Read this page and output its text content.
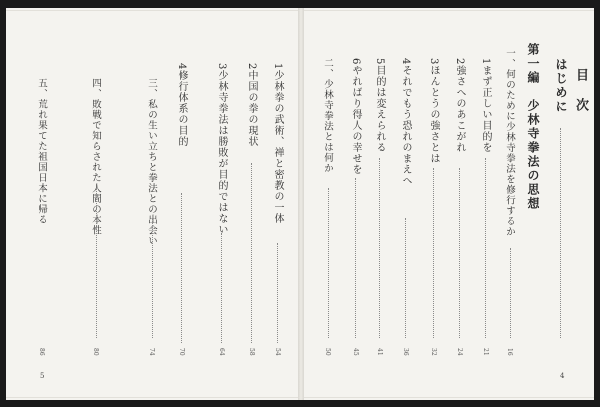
五、荒れ果てた祖国日本に帰る
86
四、敗戦で知らされた人間の本性
80
三、私の生い立ちと拳法との出会い
74
4修行体系の目的
70
3少林寺拳法は勝敗が目的ではない
64
2中国の拳の現状
58
1少林拳の武術、禅と密教の一体
54
5
二、少林寺拳法とは何か
50
6やればり得人の幸せを
45
5目的は変えられる
41
4それでもう恐れのまえへ
36
3ほんとうの強さとは
32
2強さへのあこがれ
24
1まず正しい目的を
21
一、何のために少林寺拳法を修行するか
16
第一編　少林寺拳法の思想 はじめに 目　次
4
